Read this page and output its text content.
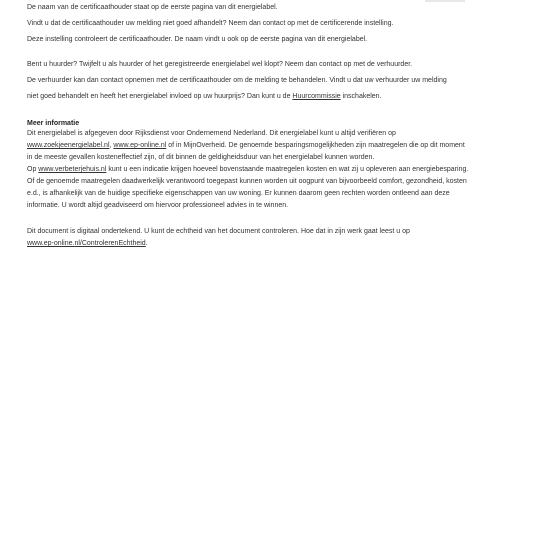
De naam van de certificaathouder staat op de eerste pagina van dit energielabel.

Vindt u dat de certificaathouder uw melding niet goed afhandelt? Neem dan contact op met de certificerende instelling.

Deze instelling controleert de certificaathouder. De naam vindt u ook op de eerste pagina van dit energielabel.

Bent u huurder? Twijfelt u als huurder of het geregistreerde energielabel wel klopt? Neem dan contact op met de verhuurder.

De verhuurder kan dan contact opnemen met de certificaathouder om de melding te behandelen. Vindt u dat uw verhuurder uw melding

niet goed behandelt en heeft het energielabel invloed op uw huurprijs? Dan kunt u de Huurcommissie inschakelen.

Meer informatie

Dit energielabel is afgegeven door Rijksdienst voor Ondernemend Nederland. Dit energielabel kunt u altijd verifiëren op

www.zoekjeenergielabel.nl, www.ep-online.nl of in MijnOverheid. De genoemde besparingsmogelijkheden zijn maatregelen die op dit moment

in de meeste gevallen kosteneffectief zijn, of dit binnen de geldigheidsduur van het energielabel kunnen worden.

Op www.verbeterjehuis.nl kunt u een indicatie krijgen hoeveel bovenstaande maatregelen kosten en wat zij u opleveren aan energiebesparing.

Of de genoemde maatregelen daadwerkelijk verantwoord toegepast kunnen worden uit oogpunt van bijvoorbeeld comfort, gezondheid, kosten

e.d., is afhankelijk van de huidige specifieke eigenschappen van uw woning. Er kunnen daarom geen rechten worden ontleend aan deze

informatie. U wordt altijd geadviseerd om hiervoor professioneel advies in te winnen.

Dit document is digitaal ondertekend. U kunt de echtheid van het document controleren. Hoe dat in zijn werk gaat leest u op

www.ep-online.nl/ControlerenEchtheid.
